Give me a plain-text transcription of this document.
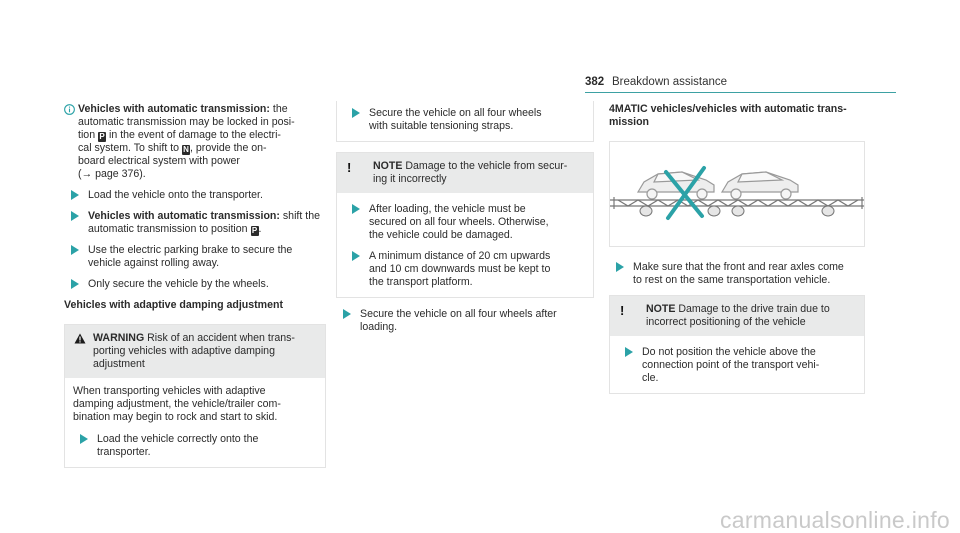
382 Breakdown assistance
Vehicles with automatic transmission: the
automatic transmission may be locked in posi-
tion P in the event of damage to the electri-
cal system. To shift to N, provide the on-
board electrical system with power
(→ page 376).
Load the vehicle onto the transporter.
Vehicles with automatic transmission: shift the
automatic transmission to position P.
Use the electric parking brake to secure the
vehicle against rolling away.
Only secure the vehicle by the wheels.
Vehicles with adaptive damping adjustment
WARNING Risk of an accident when trans-
porting vehicles with adaptive damping
adjustment
When transporting vehicles with adaptive
damping adjustment, the vehicle/trailer com-
bination may begin to rock and start to skid.
Load the vehicle correctly onto the
transporter.
Secure the vehicle on all four wheels
with suitable tensioning straps.
! NOTE Damage to the vehicle from secur-
ing it incorrectly
After loading, the vehicle must be
secured on all four wheels. Otherwise,
the vehicle could be damaged.
A minimum distance of 20 cm upwards
and 10 cm downwards must be kept to
the transport platform.
Secure the vehicle on all four wheels after
loading.
4MATIC vehicles/vehicles with automatic trans-
mission
Make sure that the front and rear axles come
to rest on the same transportation vehicle.
! NOTE Damage to the drive train due to
incorrect positioning of the vehicle
Do not position the vehicle above the
connection point of the transport vehi-
cle.
carmanualsonline.info
